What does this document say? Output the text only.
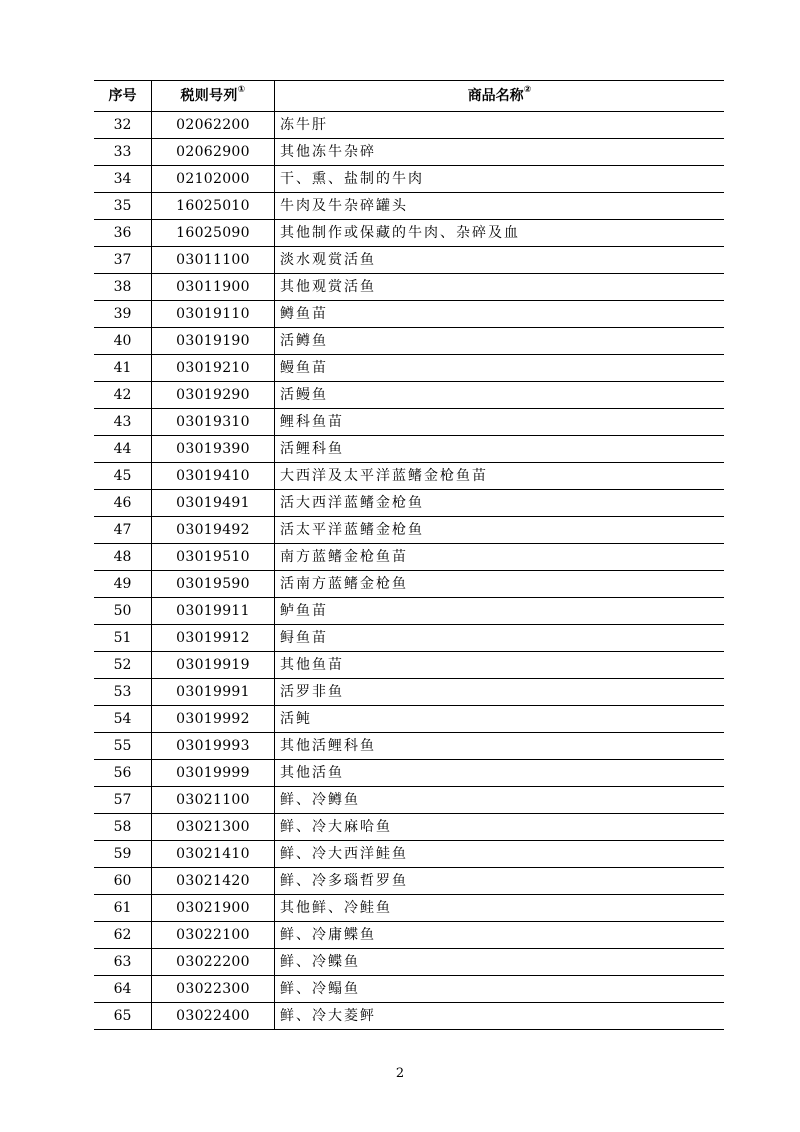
序号	税则号列①	商品名称②
32	02062200	冻牛肝
33	02062900	其他冻牛杂碎
34	02102000	干、熏、盐制的牛肉
35	16025010	牛肉及牛杂碎罐头
36	16025090	其他制作或保藏的牛肉、杂碎及血
37	03011100	淡水观赏活鱼
38	03011900	其他观赏活鱼
39	03019110	鳟鱼苗
40	03019190	活鳟鱼
41	03019210	鳗鱼苗
42	03019290	活鳗鱼
43	03019310	鲤科鱼苗
44	03019390	活鲤科鱼
45	03019410	大西洋及太平洋蓝鳍金枪鱼苗
46	03019491	活大西洋蓝鳍金枪鱼
47	03019492	活太平洋蓝鳍金枪鱼
48	03019510	南方蓝鳍金枪鱼苗
49	03019590	活南方蓝鳍金枪鱼
50	03019911	鲈鱼苗
51	03019912	鲟鱼苗
52	03019919	其他鱼苗
53	03019991	活罗非鱼
54	03019992	活鲀
55	03019993	其他活鲤科鱼
56	03019999	其他活鱼
57	03021100	鲜、冷鳟鱼
58	03021300	鲜、冷大麻哈鱼
59	03021410	鲜、冷大西洋鲑鱼
60	03021420	鲜、冷多瑙哲罗鱼
61	03021900	其他鲜、冷鲑鱼
62	03022100	鲜、冷庸鲽鱼
63	03022200	鲜、冷鲽鱼
64	03022300	鲜、冷鳎鱼
65	03022400	鲜、冷大菱鲆
2
